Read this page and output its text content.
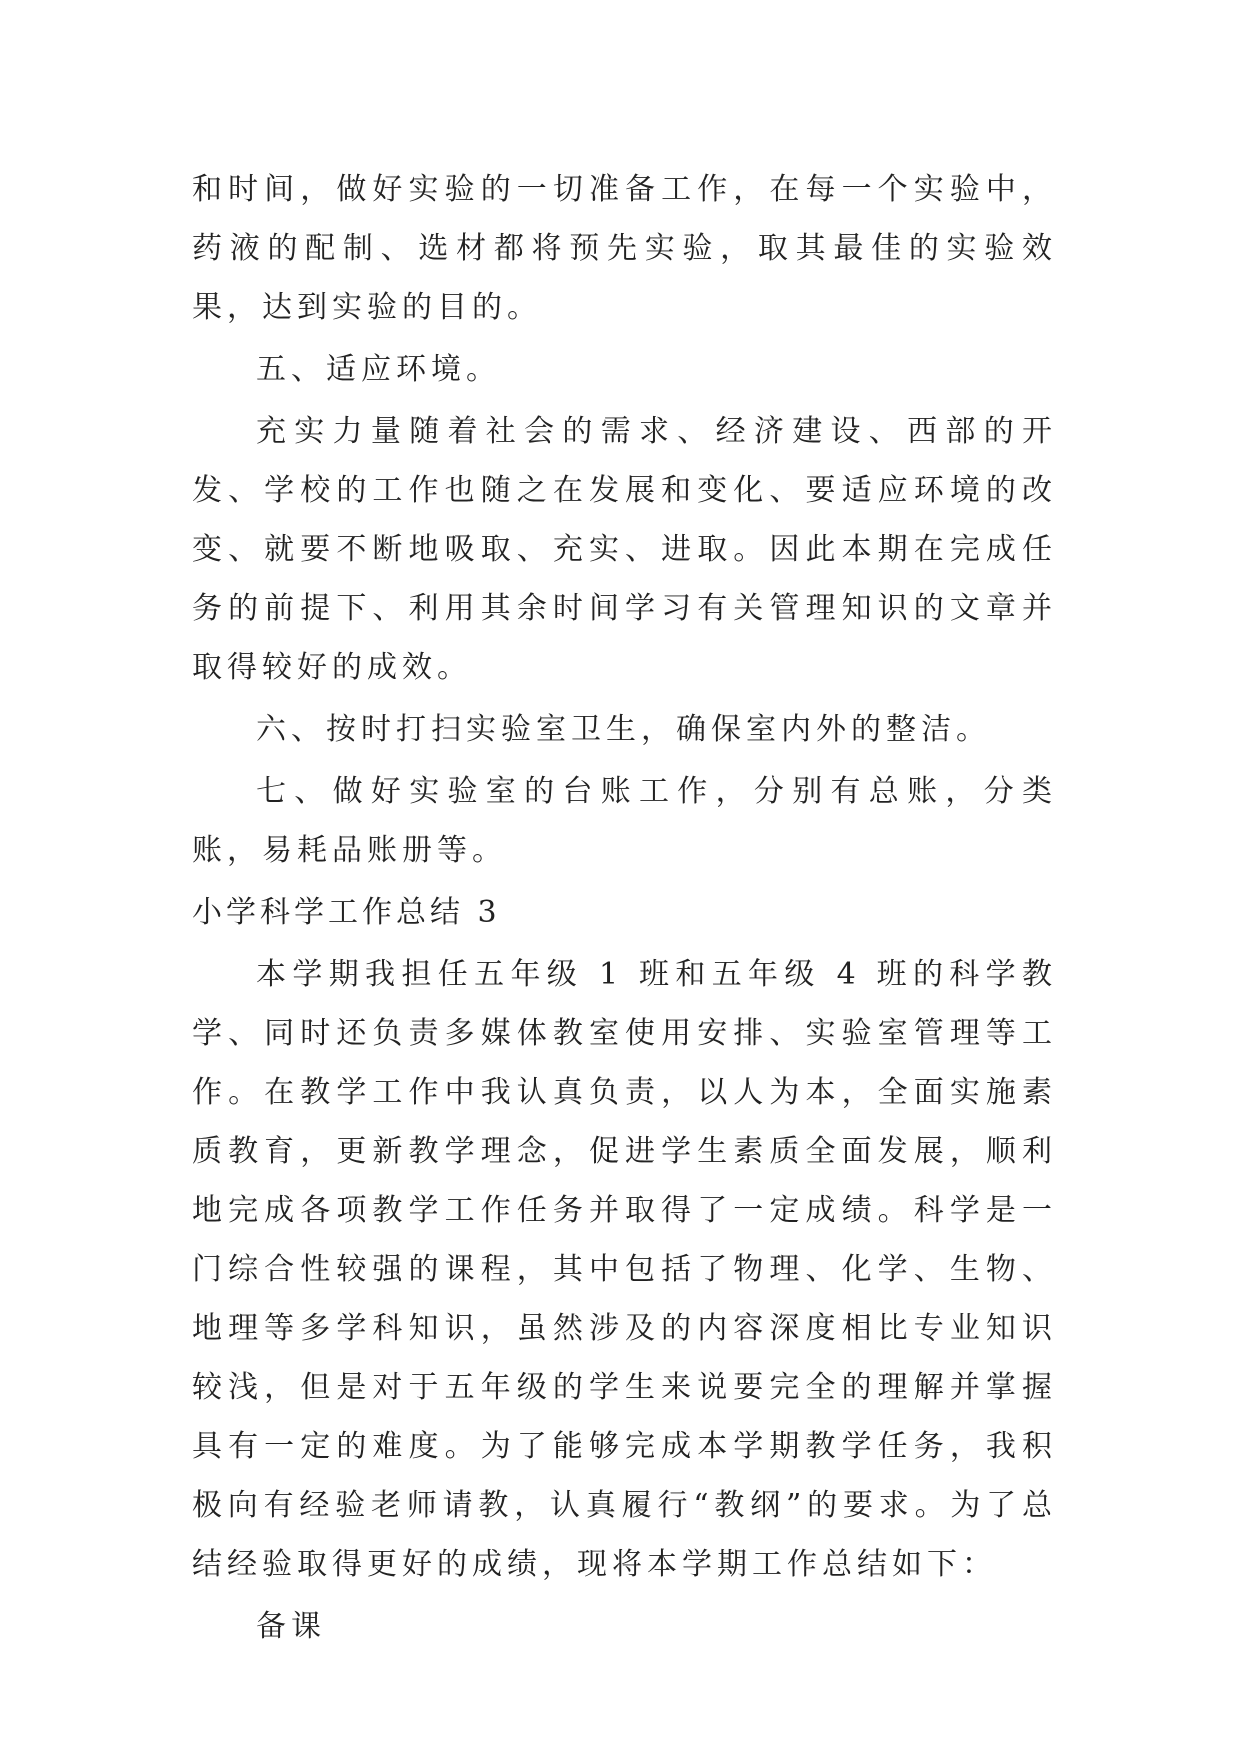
和时间，做好实验的一切准备工作，在每一个实验中，药液的配制、选材都将预先实验，取其最佳的实验效果，达到实验的目的。

五、适应环境。

充实力量随着社会的需求、经济建设、西部的开发、学校的工作也随之在发展和变化、要适应环境的改变、就要不断地吸取、充实、进取。因此本期在完成任务的前提下、利用其余时间学习有关管理知识的文章并取得较好的成效。

六、按时打扫实验室卫生，确保室内外的整洁。

七、做好实验室的台账工作，分别有总账，分类账，易耗品账册等。

小学科学工作总结 3

本学期我担任五年级 1 班和五年级 4 班的科学教学、同时还负责多媒体教室使用安排、实验室管理等工作。在教学工作中我认真负责，以人为本，全面实施素质教育，更新教学理念，促进学生素质全面发展，顺利地完成各项教学工作任务并取得了一定成绩。科学是一门综合性较强的课程，其中包括了物理、化学、生物、地理等多学科知识，虽然涉及的内容深度相比专业知识较浅，但是对于五年级的学生来说要完全的理解并掌握具有一定的难度。为了能够完成本学期教学任务，我积极向有经验老师请教，认真履行“教纲”的要求。为了总结经验取得更好的成绩，现将本学期工作总结如下：

备课
